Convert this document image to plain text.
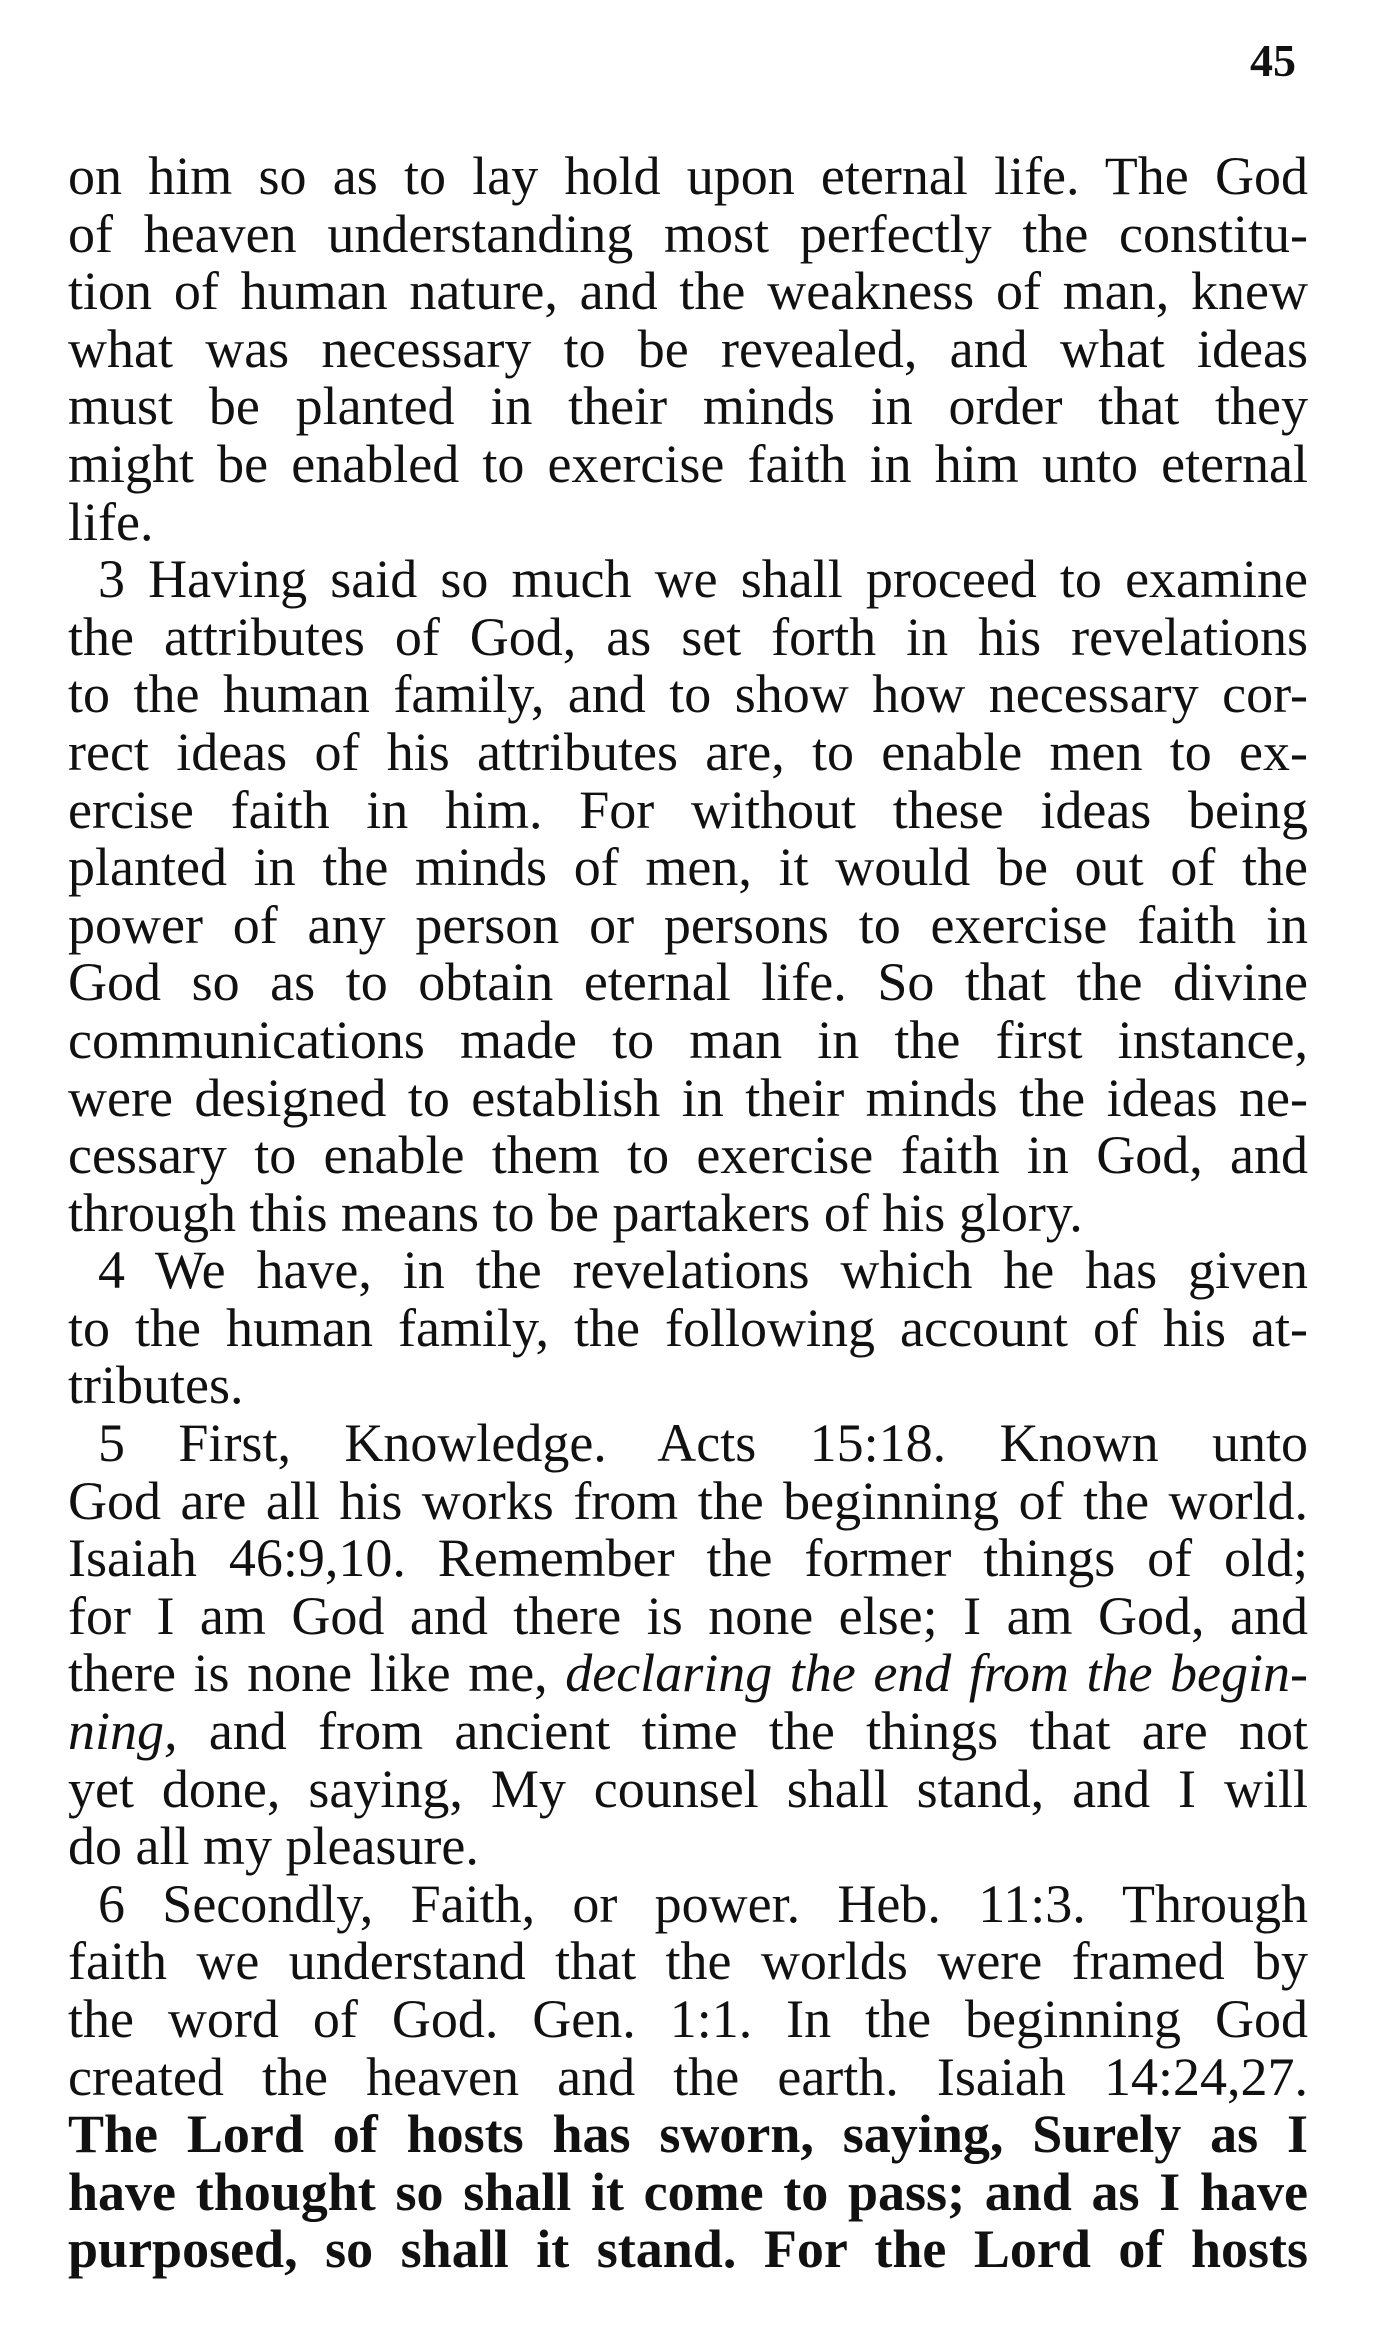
45
on him so as to lay hold upon eternal life. The God
of heaven understanding most perfectly the constitu-
tion of human nature, and the weakness of man, knew
what was necessary to be revealed, and what ideas
must be planted in their minds in order that they
might be enabled to exercise faith in him unto eternal
life.
3 Having said so much we shall proceed to examine
the attributes of God, as set forth in his revelations
to the human family, and to show how necessary cor-
rect ideas of his attributes are, to enable men to ex-
ercise faith in him. For without these ideas being
planted in the minds of men, it would be out of the
power of any person or persons to exercise faith in
God so as to obtain eternal life. So that the divine
communications made to man in the first instance,
were designed to establish in their minds the ideas ne-
cessary to enable them to exercise faith in God, and
through this means to be partakers of his glory.
4 We have, in the revelations which he has given
to the human family, the following account of his at-
tributes.
5 First, Knowledge. Acts 15:18. Known unto
God are all his works from the beginning of the world.
Isaiah 46:9,10. Remember the former things of old;
for I am God and there is none else; I am God, and
there is none like me, declaring the end from the begin-
ning, and from ancient time the things that are not
yet done, saying, My counsel shall stand, and I will
do all my pleasure.
6 Secondly, Faith, or power. Heb. 11:3. Through
faith we understand that the worlds were framed by
the word of God. Gen. 1:1. In the beginning God
created the heaven and the earth. Isaiah 14:24,27.
The Lord of hosts has sworn, saying, Surely as I
have thought so shall it come to pass; and as I have
purposed, so shall it stand. For the Lord of hosts
